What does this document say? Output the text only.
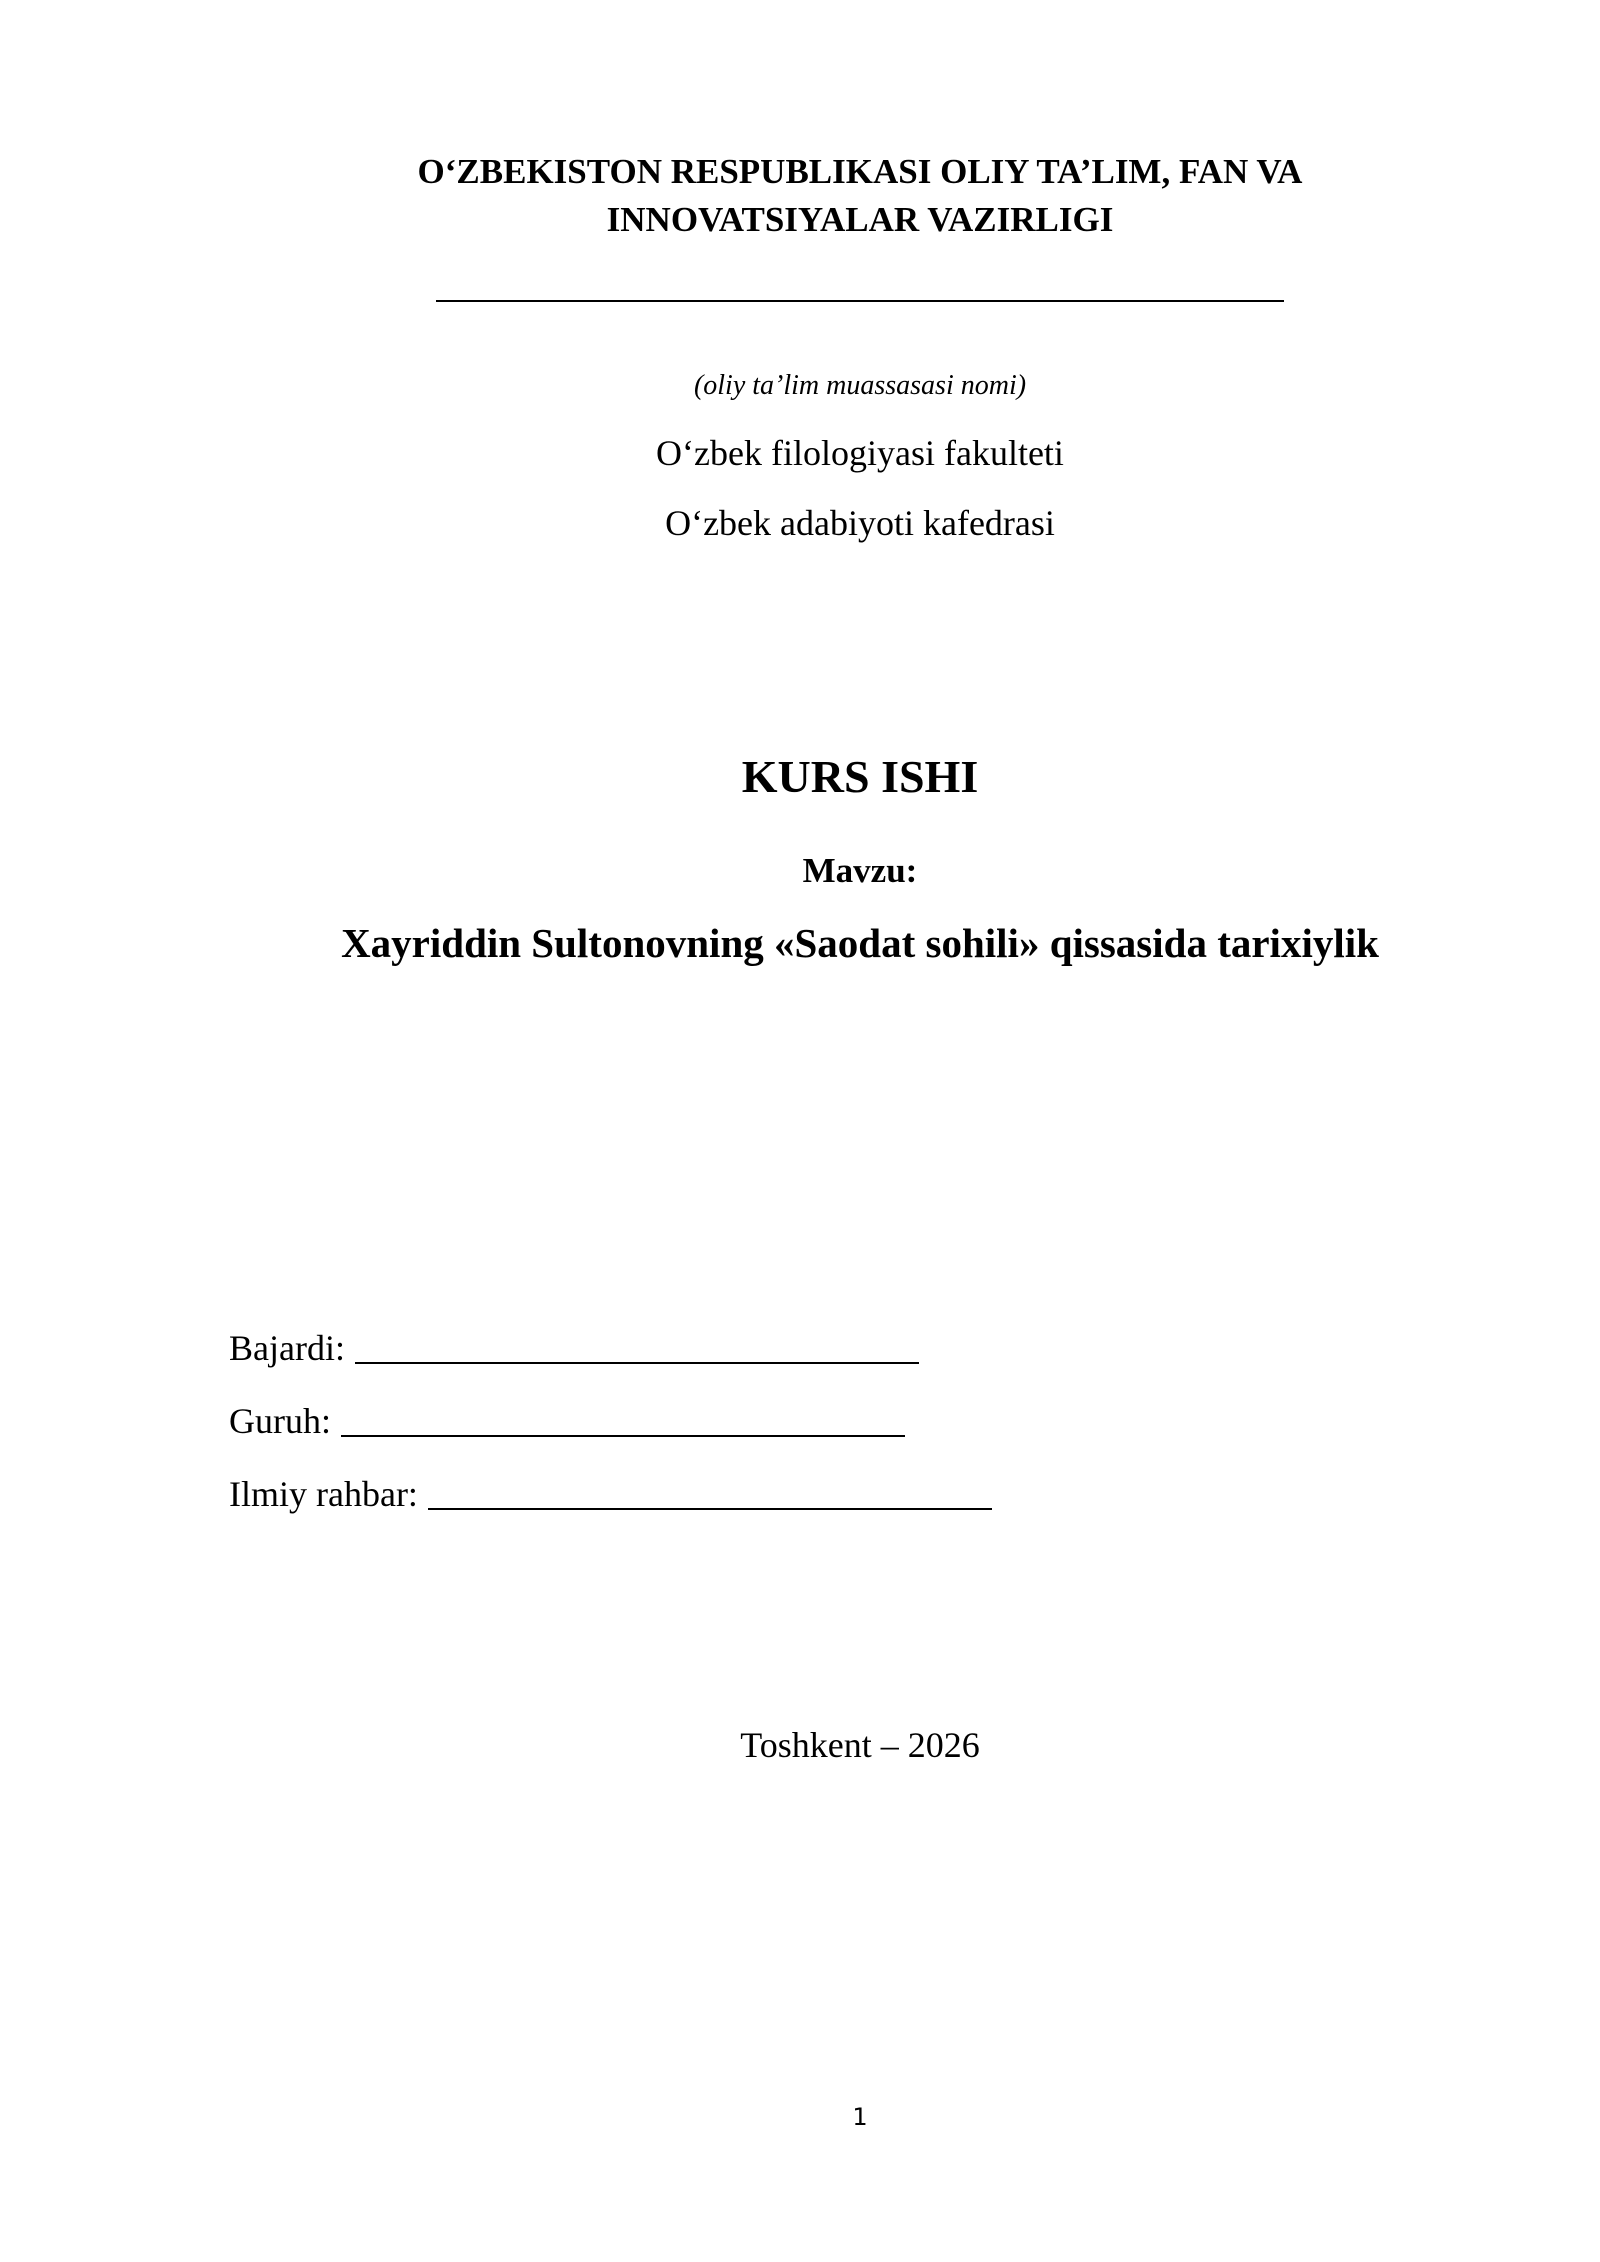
O‘ZBEKISTON RESPUBLIKASI OLIY TA’LIM, FAN VA
INNOVATSIYALAR VAZIRLIGI
(oliy ta’lim muassasasi nomi)
O‘zbek filologiyasi fakulteti
O‘zbek adabiyoti kafedrasi
KURS ISHI
Mavzu:
Xayriddin Sultonovning «Saodat sohili» qissasida tarixiylik
Bajardi:
Guruh:
Ilmiy rahbar:
Toshkent – 2026
1
